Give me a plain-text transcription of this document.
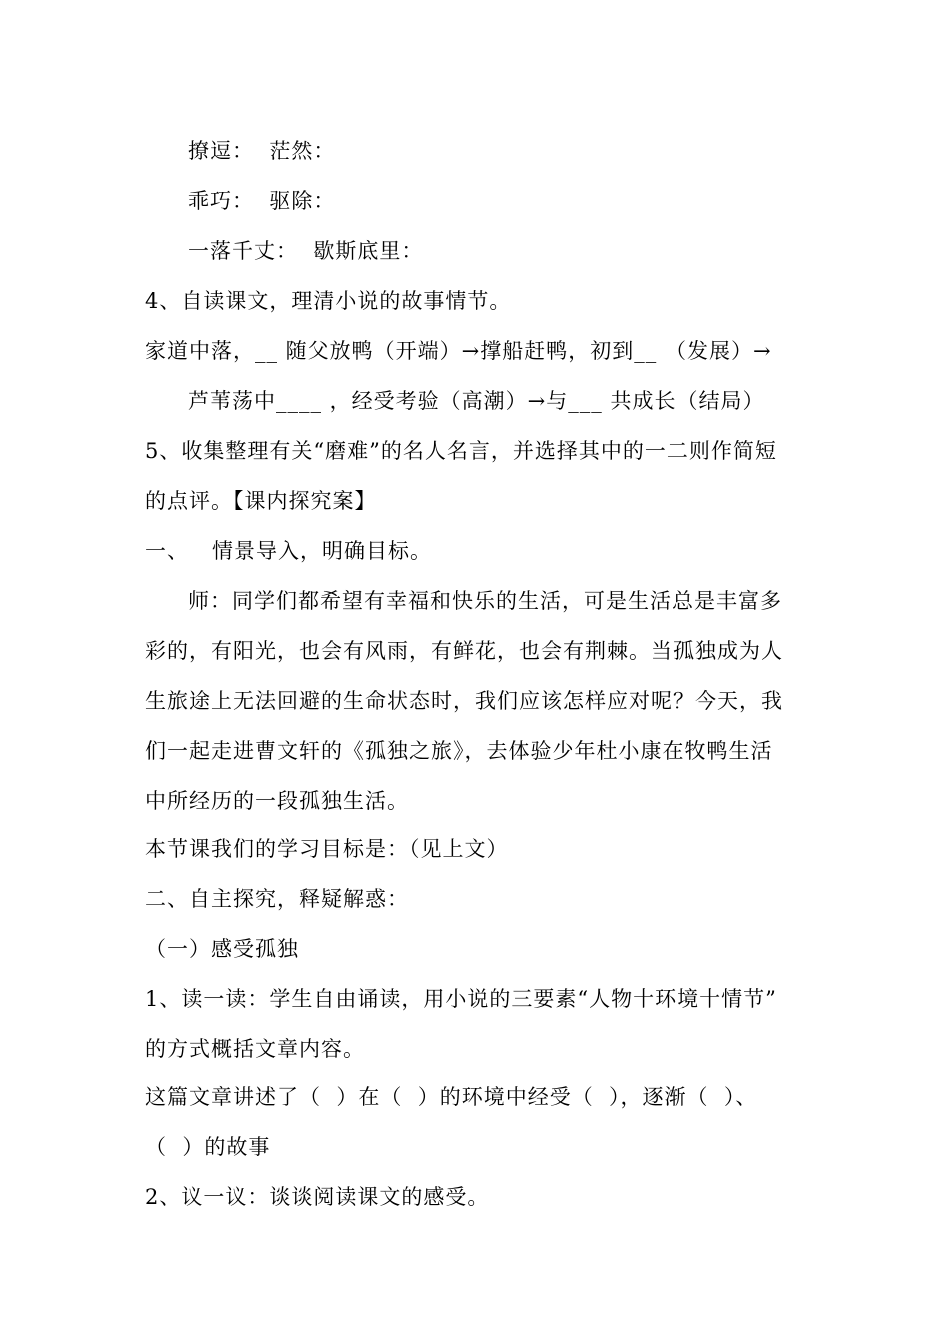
撩逗：  茫然：
乖巧：  驱除：
一落千丈：  歇斯底里：
4、自读课文，理清小说的故事情节。
家道中落，__ 随父放鸭（开端）→撑船赶鸭，初到__ （发展）→
芦苇荡中____ ，经受考验（高潮）→与___ 共成长（结局）
5、收集整理有关“磨难”的名人名言，并选择其中的一二则作简短
的点评。【课内探究案】
一、   情景导入，明确目标。
师：同学们都希望有幸福和快乐的生活，可是生活总是丰富多
彩的，有阳光，也会有风雨，有鲜花，也会有荆棘。当孤独成为人
生旅途上无法回避的生命状态时，我们应该怎样应对呢？今天，我
们一起走进曹文轩的《孤独之旅》，去体验少年杜小康在牧鸭生活
中所经历的一段孤独生活。
本节课我们的学习目标是：（见上文）
二、自主探究，释疑解惑：
（一）感受孤独
1、读一读：学生自由诵读，用小说的三要素“人物十环境十情节”
的方式概括文章内容。
这篇文章讲述了（  ）在（  ）的环境中经受（  ），逐渐（  ）、
（  ）的故事
2、议一议：谈谈阅读课文的感受。
